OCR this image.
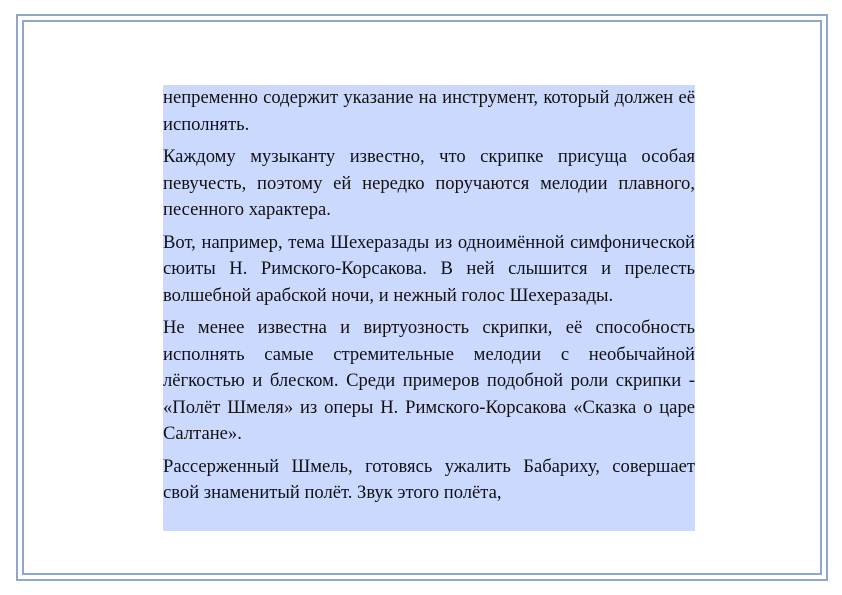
непременно содержит указание на инструмент, который должен её исполнять.

Каждому музыканту известно, что скрипке присуща особая певучесть, поэтому ей нередко поручаются мелодии плавного, песенного характера.

Вот, например, тема Шехеразады из одноимённой симфонической сюиты Н. Римского-Корсакова. В ней слышится и прелесть волшебной арабской ночи, и нежный голос Шехеразады.

Не менее известна и виртуозность скрипки, её способность исполнять самые стремительные мелодии с необычайной лёгкостью и блеском. Среди примеров подобной роли скрипки - «Полёт Шмеля» из оперы Н. Римского-Корсакова «Сказка о царе Салтане».

Рассерженный Шмель, готовясь ужалить Бабариху, совершает свой знаменитый полёт. Звук этого полёта,
